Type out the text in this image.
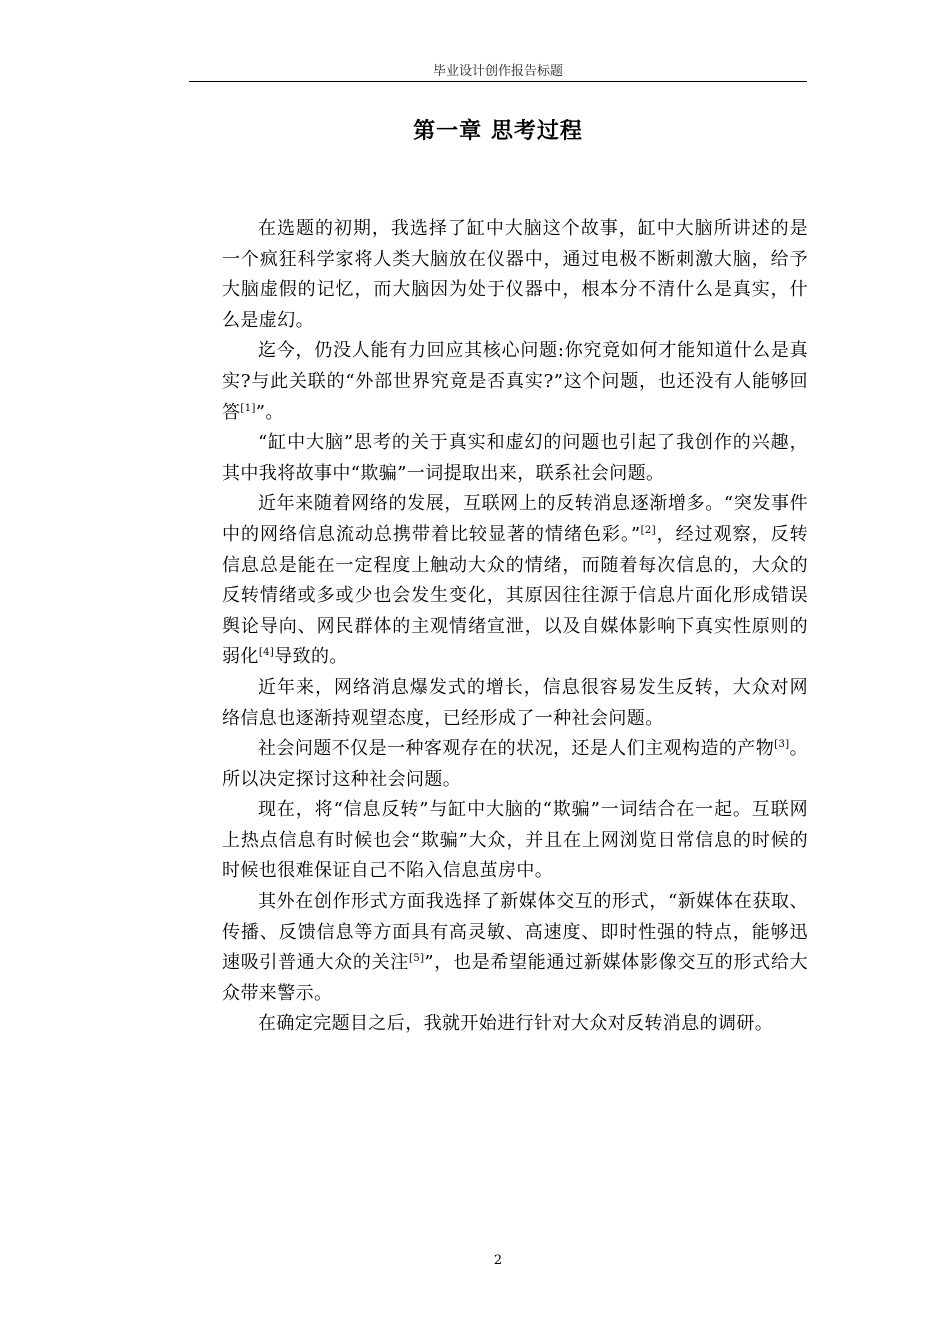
毕业设计创作报告标题
第一章 思考过程

在选题的初期，我选择了缸中大脑这个故事，缸中大脑所讲述的是一个疯狂科学家将人类大脑放在仪器中，通过电极不断刺激大脑，给予大脑虚假的记忆，而大脑因为处于仪器中，根本分不清什么是真实，什么是虚幻。

迄今，仍没人能有力回应其核心问题:你究竟如何才能知道什么是真实?与此关联的“外部世界究竟是否真实?”这个问题，也还没有人能够回答[1]”。

“缸中大脑”思考的关于真实和虚幻的问题也引起了我创作的兴趣，其中我将故事中“欺骗”一词提取出来，联系社会问题。

近年来随着网络的发展，互联网上的反转消息逐渐增多。“突发事件中的网络信息流动总携带着比较显著的情绪色彩。”[2]，经过观察，反转信息总是能在一定程度上触动大众的情绪，而随着每次信息的，大众的反转情绪或多或少也会发生变化，其原因往往源于信息片面化形成错误舆论导向、网民群体的主观情绪宣泄，以及自媒体影响下真实性原则的弱化[4]导致的。

近年来，网络消息爆发式的增长，信息很容易发生反转，大众对网络信息也逐渐持观望态度，已经形成了一种社会问题。

社会问题不仅是一种客观存在的状况，还是人们主观构造的产物[3]。所以决定探讨这种社会问题。

现在，将“信息反转”与缸中大脑的“欺骗”一词结合在一起。互联网上热点信息有时候也会“欺骗”大众，并且在上网浏览日常信息的时候的时候也很难保证自己不陷入信息茧房中。

其外在创作形式方面我选择了新媒体交互的形式，“新媒体在获取、传播、反馈信息等方面具有高灵敏、高速度、即时性强的特点，能够迅速吸引普通大众的关注[5]”，也是希望能通过新媒体影像交互的形式给大众带来警示。

在确定完题目之后，我就开始进行针对大众对反转消息的调研。

2
